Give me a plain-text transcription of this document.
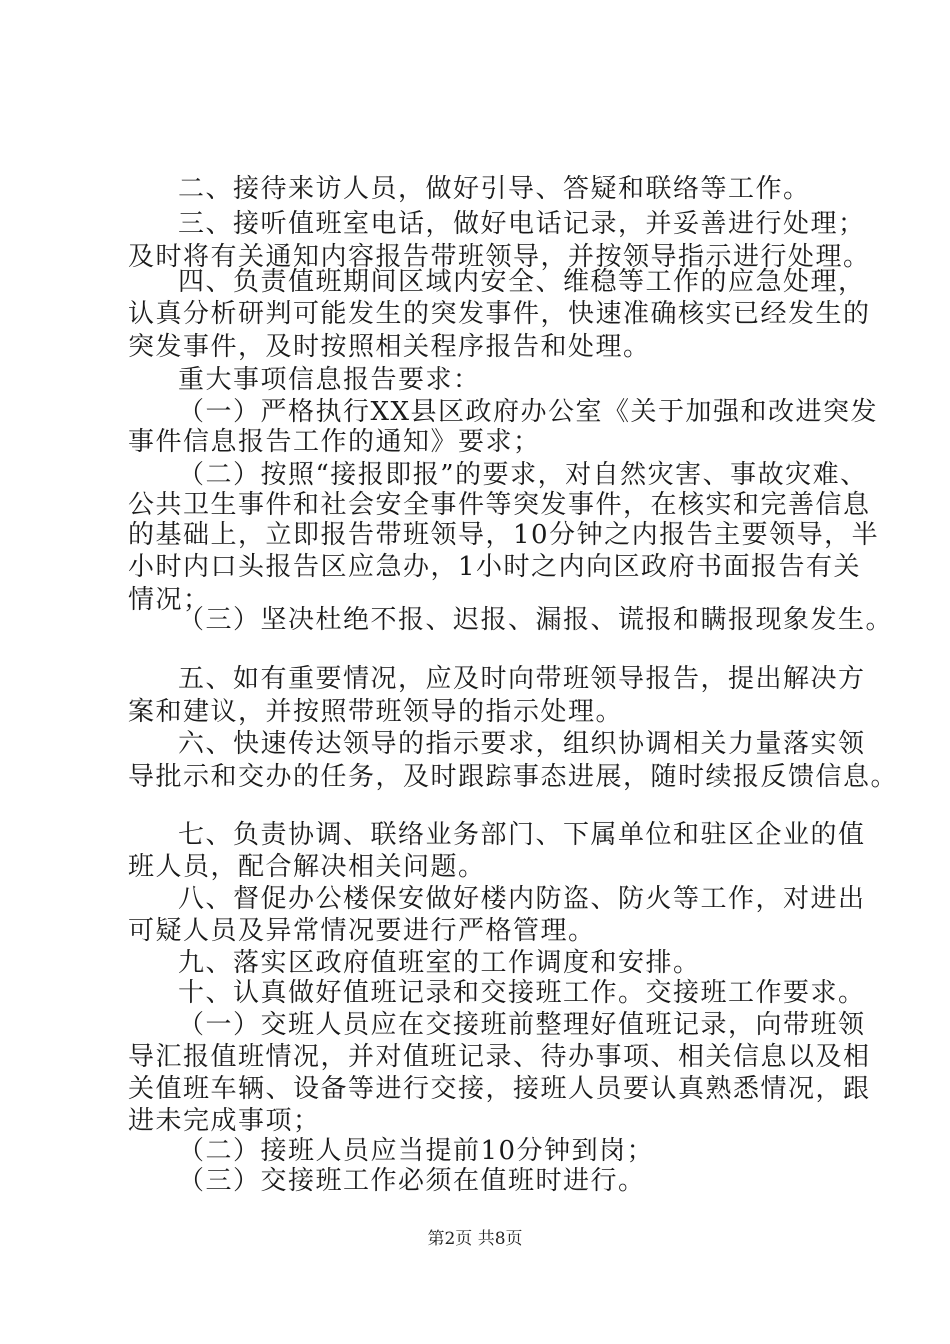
二、接待来访人员，做好引导、答疑和联络等工作。
三、接听值班室电话，做好电话记录，并妥善进行处理；
及时将有关通知内容报告带班领导，并按领导指示进行处理。
四、负责值班期间区域内安全、维稳等工作的应急处理，
认真分析研判可能发生的突发事件，快速准确核实已经发生的
突发事件，及时按照相关程序报告和处理。
重大事项信息报告要求：
（一）严格执行XX县区政府办公室《关于加强和改进突发
事件信息报告工作的通知》要求；
（二）按照“接报即报”的要求，对自然灾害、事故灾难、
公共卫生事件和社会安全事件等突发事件，在核实和完善信息
的基础上，立即报告带班领导，10分钟之内报告主要领导，半
小时内口头报告区应急办，1小时之内向区政府书面报告有关
情况；
（三）坚决杜绝不报、迟报、漏报、谎报和瞒报现象发生。
五、如有重要情况，应及时向带班领导报告，提出解决方
案和建议，并按照带班领导的指示处理。
六、快速传达领导的指示要求，组织协调相关力量落实领
导批示和交办的任务，及时跟踪事态进展，随时续报反馈信息。
七、负责协调、联络业务部门、下属单位和驻区企业的值
班人员，配合解决相关问题。
八、督促办公楼保安做好楼内防盗、防火等工作，对进出
可疑人员及异常情况要进行严格管理。
九、落实区政府值班室的工作调度和安排。
十、认真做好值班记录和交接班工作。交接班工作要求。
（一）交班人员应在交接班前整理好值班记录，向带班领
导汇报值班情况，并对值班记录、待办事项、相关信息以及相
关值班车辆、设备等进行交接，接班人员要认真熟悉情况，跟
进未完成事项；
（二）接班人员应当提前10分钟到岗；
（三）交接班工作必须在值班时进行。
第2页 共8页
